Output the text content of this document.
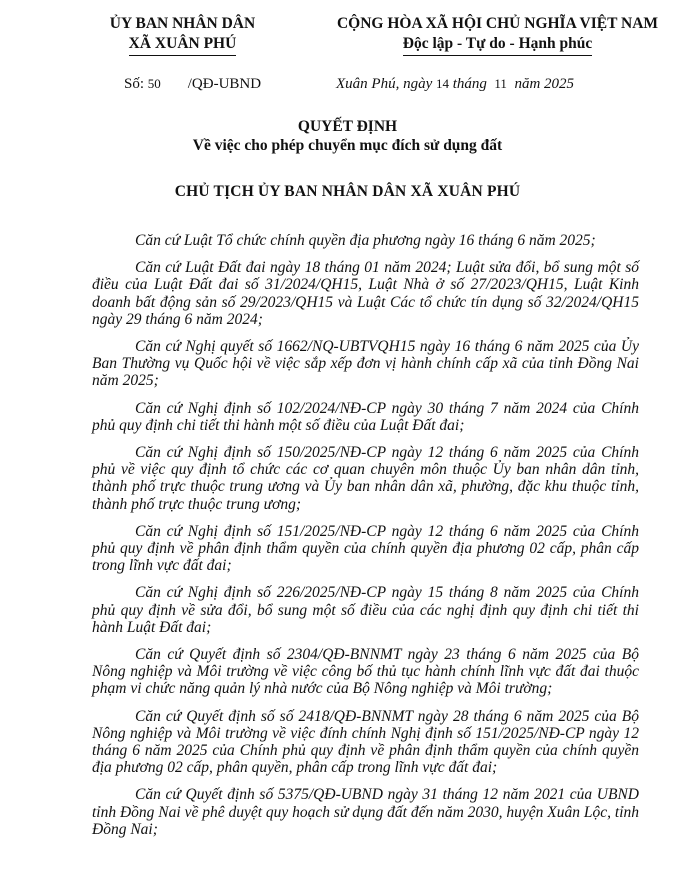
ỦY BAN NHÂN DÂN
XÃ XUÂN PHÚ
CỘNG HÒA XÃ HỘI CHỦ NGHĨA VIỆT NAM
Độc lập - Tự do - Hạnh phúc
Số: 50 /QĐ-UBND	Xuân Phú, ngày 14 tháng 11 năm 2025
QUYẾT ĐỊNH
Về việc cho phép chuyển mục đích sử dụng đất
CHỦ TỊCH ỦY BAN NHÂN DÂN XÃ XUÂN PHÚ

Căn cứ Luật Tổ chức chính quyền địa phương ngày 16 tháng 6 năm 2025;

Căn cứ Luật Đất đai ngày 18 tháng 01 năm 2024; Luật sửa đổi, bổ sung một số điều của Luật Đất đai số 31/2024/QH15, Luật Nhà ở số 27/2023/QH15, Luật Kinh doanh bất động sản số 29/2023/QH15 và Luật Các tổ chức tín dụng số 32/2024/QH15 ngày 29 tháng 6 năm 2024;

Căn cứ Nghị quyết số 1662/NQ-UBTVQH15 ngày 16 tháng 6 năm 2025 của Ủy Ban Thường vụ Quốc hội về việc sắp xếp đơn vị hành chính cấp xã của tỉnh Đồng Nai năm 2025;

Căn cứ Nghị định số 102/2024/NĐ-CP ngày 30 tháng 7 năm 2024 của Chính phủ quy định chi tiết thi hành một số điều của Luật Đất đai;

Căn cứ Nghị định số 150/2025/NĐ-CP ngày 12 tháng 6 năm 2025 của Chính phủ về việc quy định tổ chức các cơ quan chuyên môn thuộc Ủy ban nhân dân tỉnh, thành phố trực thuộc trung ương và Ủy ban nhân dân xã, phường, đặc khu thuộc tỉnh, thành phố trực thuộc trung ương;

Căn cứ Nghị định số 151/2025/NĐ-CP ngày 12 tháng 6 năm 2025 của Chính phủ quy định về phân định thẩm quyền của chính quyền địa phương 02 cấp, phân cấp trong lĩnh vực đất đai;

Căn cứ Nghị định số 226/2025/NĐ-CP ngày 15 tháng 8 năm 2025 của Chính phủ quy định về sửa đổi, bổ sung một số điều của các nghị định quy định chi tiết thi hành Luật Đất đai;

Căn cứ Quyết định số 2304/QĐ-BNNMT ngày 23 tháng 6 năm 2025 của Bộ Nông nghiệp và Môi trường về việc công bố thủ tục hành chính lĩnh vực đất đai thuộc phạm vi chức năng quản lý nhà nước của Bộ Nông nghiệp và Môi trường;

Căn cứ Quyết định số số 2418/QĐ-BNNMT ngày 28 tháng 6 năm 2025 của Bộ Nông nghiệp và Môi trường về việc đính chính Nghị định số 151/2025/NĐ-CP ngày 12 tháng 6 năm 2025 của Chính phủ quy định về phân định thẩm quyền của chính quyền địa phương 02 cấp, phân quyền, phân cấp trong lĩnh vực đất đai;

Căn cứ Quyết định số 5375/QĐ-UBND ngày 31 tháng 12 năm 2021 của UBND tỉnh Đồng Nai về phê duyệt quy hoạch sử dụng đất đến năm 2030, huyện Xuân Lộc, tỉnh Đồng Nai;
